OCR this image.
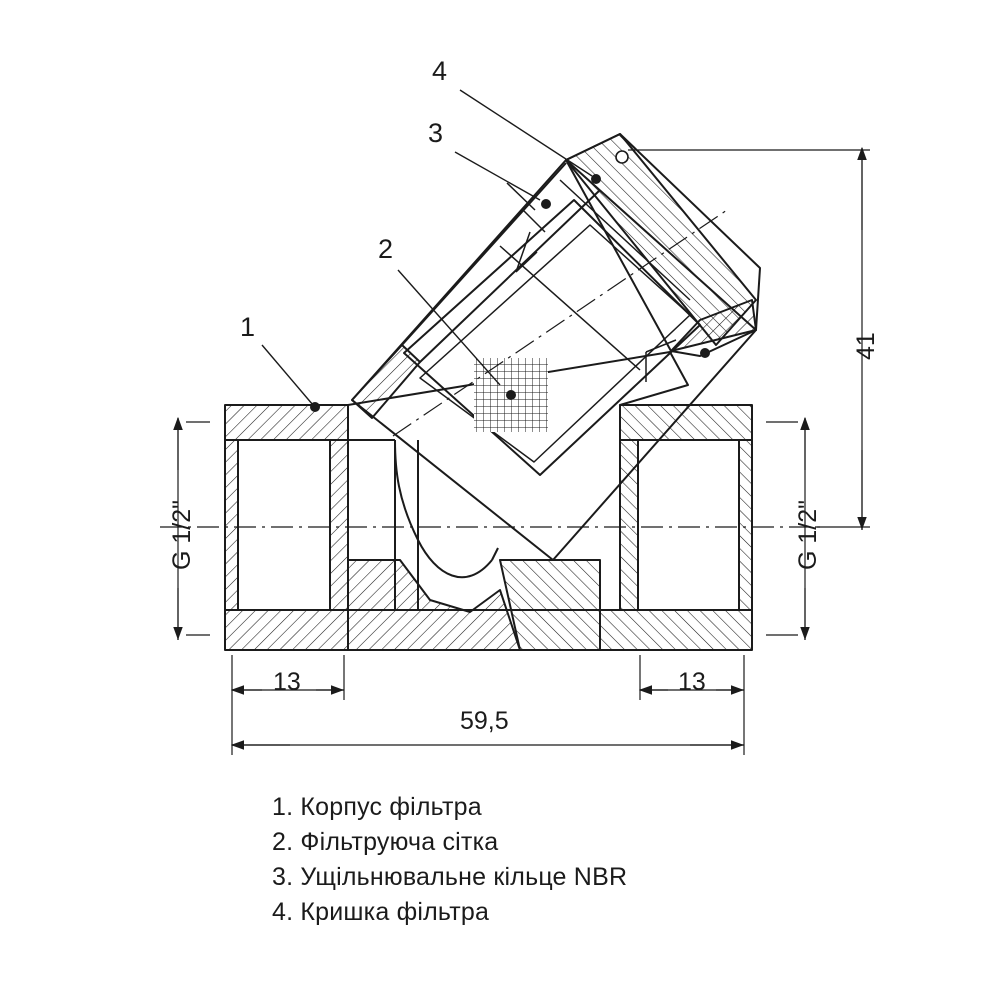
1
2
3
4
G 1/2"	G 1/2"
41
13	13
59,5
1. Корпус фільтра
2. Фільтруюча сітка
3. Ущільнювальне кільце NBR
4. Кришка фільтра
